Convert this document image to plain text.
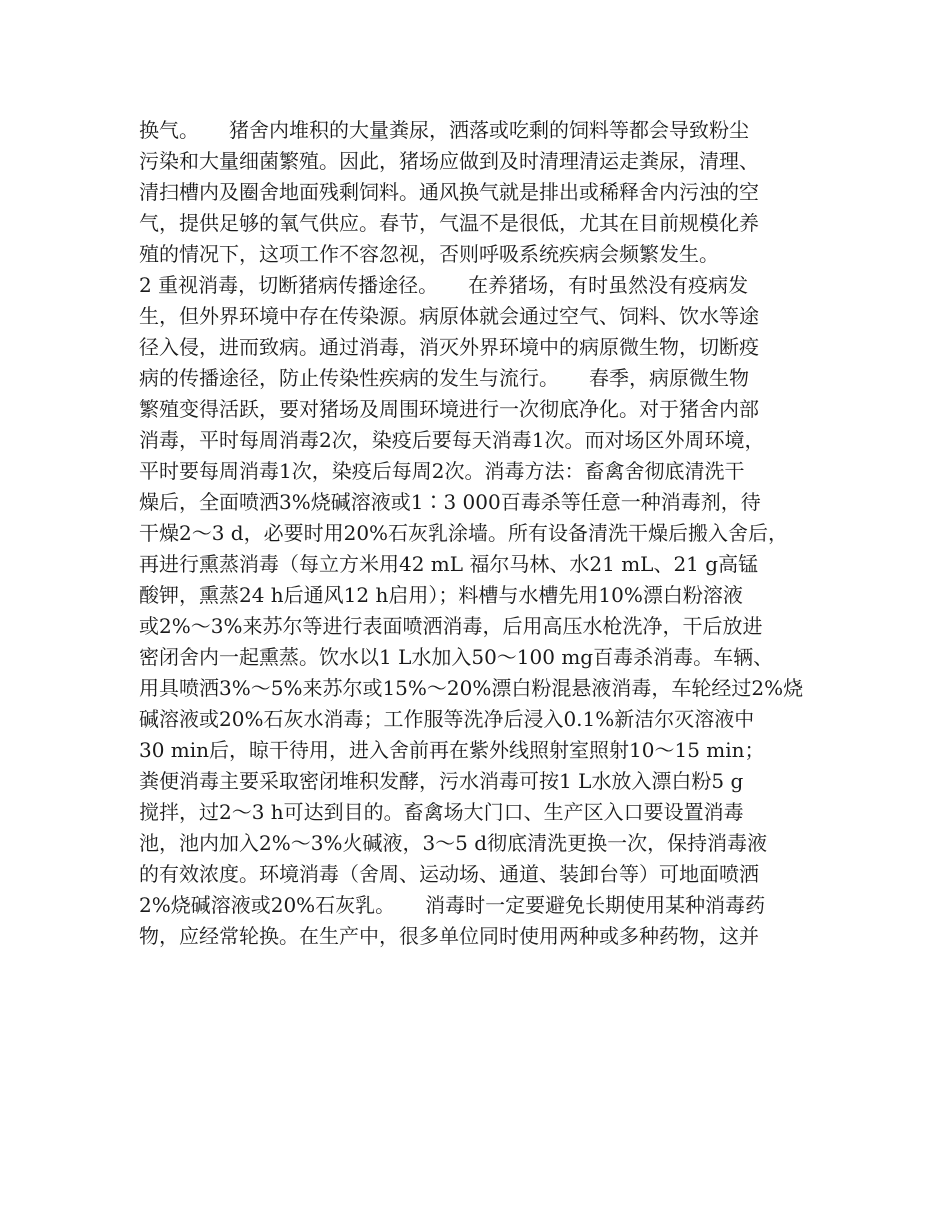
换气。　　猪舍内堆积的大量粪尿，洒落或吃剩的饲料等都会导致粉尘
污染和大量细菌繁殖。因此，猪场应做到及时清理清运走粪尿，清理、
清扫槽内及圈舍地面残剩饲料。通风换气就是排出或稀释舍内污浊的空
气，提供足够的氧气供应。春节，气温不是很低，尤其在目前规模化养
殖的情况下，这项工作不容忽视，否则呼吸系统疾病会频繁发生。
2 重视消毒，切断猪病传播途径。　　在养猪场，有时虽然没有疫病发
生，但外界环境中存在传染源。病原体就会通过空气、饲料、饮水等途
径入侵，进而致病。通过消毒，消灭外界环境中的病原微生物，切断疫
病的传播途径，防止传染性疾病的发生与流行。　　春季，病原微生物
繁殖变得活跃，要对猪场及周围环境进行一次彻底净化。对于猪舍内部
消毒，平时每周消毒2次，染疫后要每天消毒1次。而对场区外周环境，
平时要每周消毒1次，染疫后每周2次。消毒方法：畜禽舍彻底清洗干
燥后，全面喷洒3%烧碱溶液或1∶3 000百毒杀等任意一种消毒剂，待
干燥2～3 d，必要时用20%石灰乳涂墙。所有设备清洗干燥后搬入舍后，
再进行熏蒸消毒（每立方米用42 mL 福尔马林、水21 mL、21 g高锰
酸钾，熏蒸24 h后通风12 h启用）；料槽与水槽先用10%漂白粉溶液
或2%～3%来苏尔等进行表面喷洒消毒，后用高压水枪洗净，干后放进
密闭舍内一起熏蒸。饮水以1 L水加入50～100 mg百毒杀消毒。车辆、
用具喷洒3%～5%来苏尔或15%～20%漂白粉混悬液消毒，车轮经过2%烧
碱溶液或20%石灰水消毒；工作服等洗净后浸入0.1%新洁尔灭溶液中
30 min后，晾干待用，进入舍前再在紫外线照射室照射10～15 min；
粪便消毒主要采取密闭堆积发酵，污水消毒可按1 L水放入漂白粉5 g
搅拌，过2～3 h可达到目的。畜禽场大门口、生产区入口要设置消毒
池，池内加入2%～3%火碱液，3～5 d彻底清洗更换一次，保持消毒液
的有效浓度。环境消毒（舍周、运动场、通道、装卸台等）可地面喷洒
2%烧碱溶液或20%石灰乳。　　消毒时一定要避免长期使用某种消毒药
物，应经常轮换。在生产中，很多单位同时使用两种或多种药物，这并
